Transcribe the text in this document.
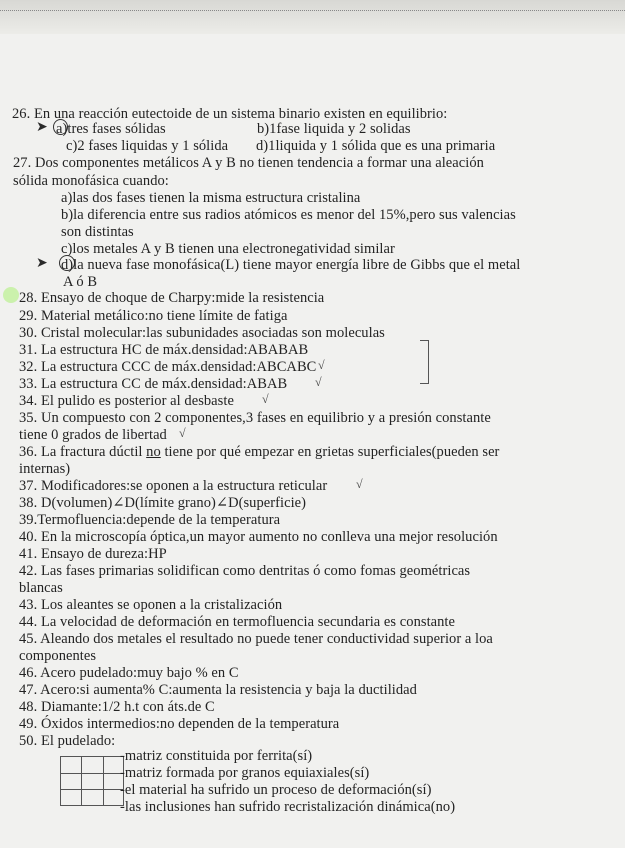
26. En una reacción eutectoide de un sistema binario existen en equilibrio:
➤ a)tres fases sólidas	b)1fase liquida y 2 solidas
c)2 fases liquidas y 1 sólida d)1liquida y 1 sólida que es una primaria
27. Dos componentes metálicos A y B no tienen tendencia a formar una aleación
sólida monofásica cuando:
a)las dos fases tienen la misma estructura cristalina
b)la diferencia entre sus radios atómicos es menor del 15%,pero sus valencias
son distintas
c)los metales A y B tienen una electronegatividad similar
➤ d)la nueva fase monofásica(L) tiene mayor energía libre de Gibbs que el metal
A ó B
28. Ensayo de choque de Charpy:mide la resistencia
29. Material metálico:no tiene límite de fatiga
30. Cristal molecular:las subunidades asociadas son moleculas
31. La estructura HC de máx.densidad:ABABAB
32. La estructura CCC de máx.densidad:ABCABC √
33. La estructura CC de máx.densidad:ABAB √
34. El pulido es posterior al desbaste √
35. Un compuesto con 2 componentes,3 fases en equilibrio y a presión constante
tiene 0 grados de libertad √
36. La fractura dúctil no tiene por qué empezar en grietas superficiales(pueden ser
internas)
37. Modificadores:se oponen a la estructura reticular √
38. D(volumen)∠D(límite grano)∠D(superficie)
39.Termofluencia:depende de la temperatura
40. En la microscopía óptica,un mayor aumento no conlleva una mejor resolución
41. Ensayo de dureza:HP
42. Las fases primarias solidifican como dentritas ó como fomas geométricas
blancas
43. Los aleantes se oponen a la cristalización
44. La velocidad de deformación en termofluencia secundaria es constante
45. Aleando dos metales el resultado no puede tener conductividad superior a loa
componentes
46. Acero pudelado:muy bajo % en C
47. Acero:si aumenta% C:aumenta la resistencia y baja la ductilidad
48. Diamante:1/2 h.t con áts.de C
49. Óxidos intermedios:no dependen de la temperatura
50. El pudelado:
-matriz constituida por ferrita(sí)
-matriz formada por granos equiaxiales(sí)
-el material ha sufrido un proceso de deformación(sí)
-las inclusiones han sufrido recristalización dinámica(no)
